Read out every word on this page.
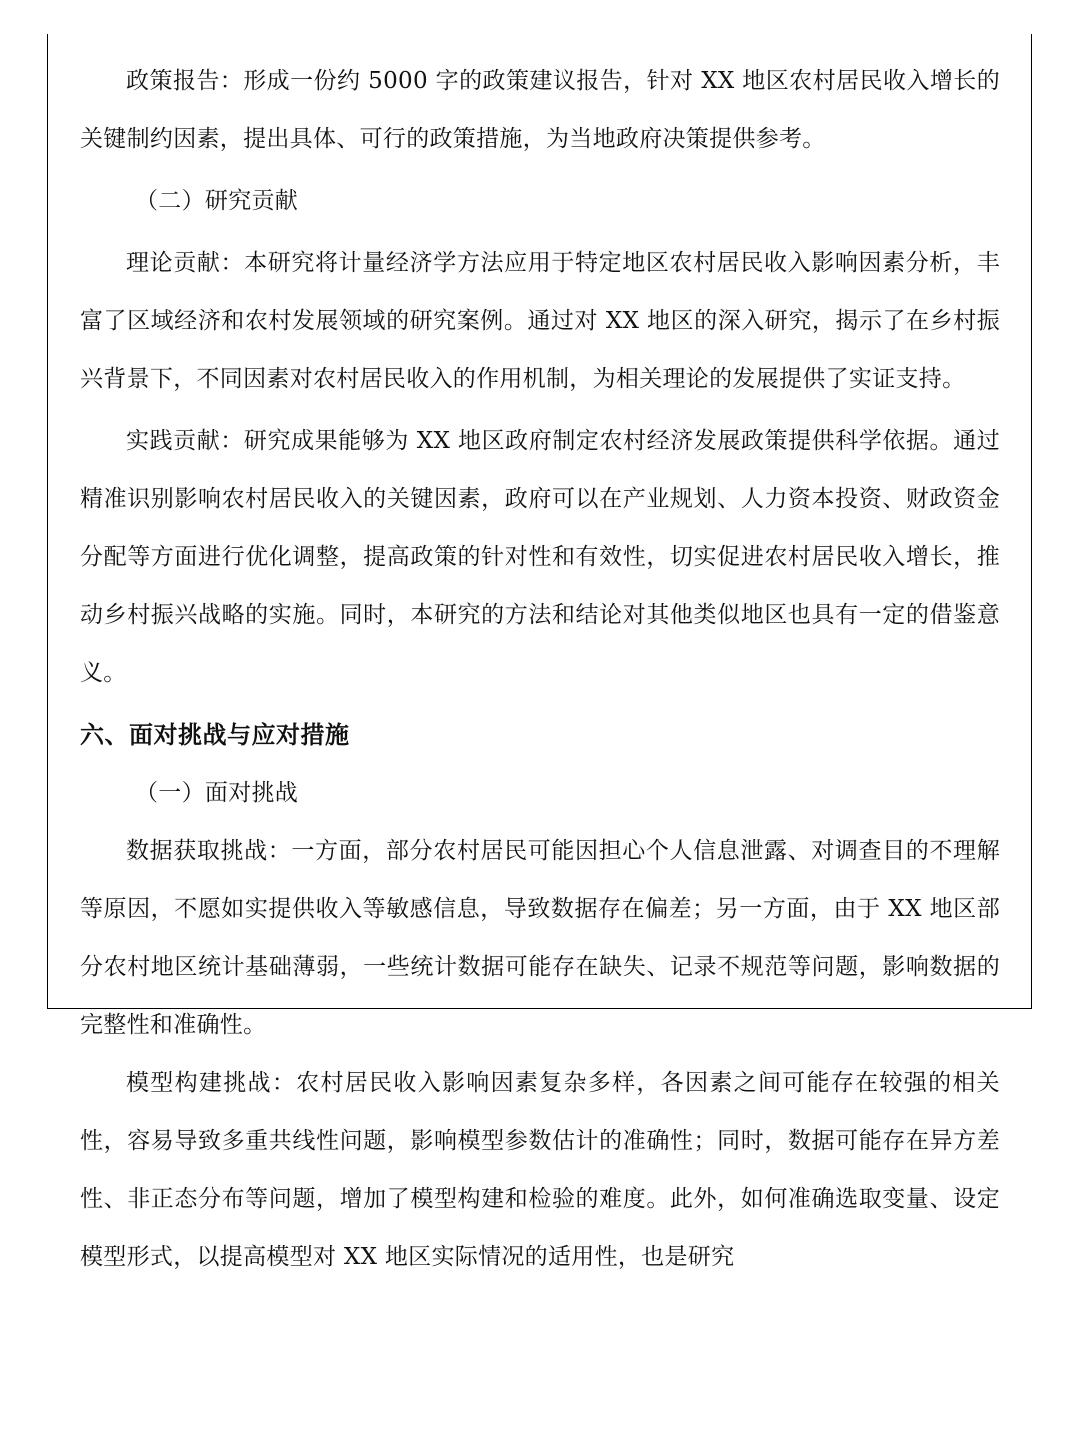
政策报告：形成一份约 5000 字的政策建议报告，针对 XX 地区农村居民收入增长的关键制约因素，提出具体、可行的政策措施，为当地政府决策提供参考。

（二）研究贡献

理论贡献：本研究将计量经济学方法应用于特定地区农村居民收入影响因素分析，丰富了区域经济和农村发展领域的研究案例。通过对 XX 地区的深入研究，揭示了在乡村振兴背景下，不同因素对农村居民收入的作用机制，为相关理论的发展提供了实证支持。

实践贡献：研究成果能够为 XX 地区政府制定农村经济发展政策提供科学依据。通过精准识别影响农村居民收入的关键因素，政府可以在产业规划、人力资本投资、财政资金分配等方面进行优化调整，提高政策的针对性和有效性，切实促进农村居民收入增长，推动乡村振兴战略的实施。同时，本研究的方法和结论对其他类似地区也具有一定的借鉴意义。

六、面对挑战与应对措施

（一）面对挑战

数据获取挑战：一方面，部分农村居民可能因担心个人信息泄露、对调查目的不理解等原因，不愿如实提供收入等敏感信息，导致数据存在偏差；另一方面，由于 XX 地区部分农村地区统计基础薄弱，一些统计数据可能存在缺失、记录不规范等问题，影响数据的完整性和准确性。

模型构建挑战：农村居民收入影响因素复杂多样，各因素之间可能存在较强的相关性，容易导致多重共线性问题，影响模型参数估计的准确性；同时，数据可能存在异方差性、非正态分布等问题，增加了模型构建和检验的难度。此外，如何准确选取变量、设定模型形式，以提高模型对 XX 地区实际情况的适用性，也是研究
